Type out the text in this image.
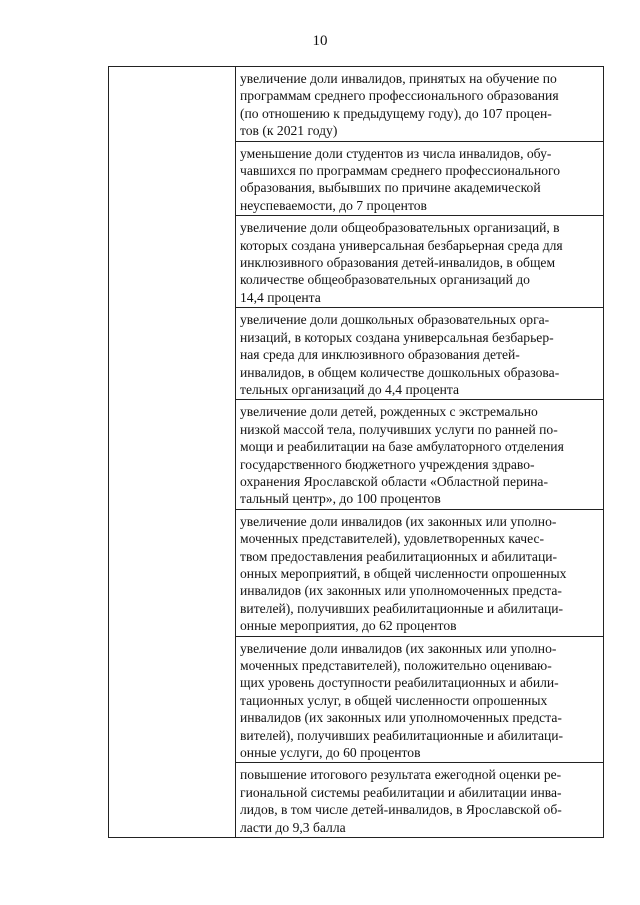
10

увеличение доли инвалидов, принятых на обучение по
программам среднего профессионального образования
(по отношению к предыдущему году), до 107 процен-
тов (к 2021 году)

уменьшение доли студентов из числа инвалидов, обу-
чавшихся по программам среднего профессионального
образования, выбывших по причине академической
неуспеваемости, до 7 процентов

увеличение доли общеобразовательных организаций, в
которых создана универсальная безбарьерная среда для
инклюзивного образования детей-инвалидов, в общем
количестве общеобразовательных организаций до
14,4 процента

увеличение доли дошкольных образовательных орга-
низаций, в которых создана универсальная безбарьер-
ная среда для инклюзивного образования детей-
инвалидов, в общем количестве дошкольных образова-
тельных организаций до 4,4 процента

увеличение доли детей, рожденных с экстремально
низкой массой тела, получивших услуги по ранней по-
мощи и реабилитации на базе амбулаторного отделения
государственного бюджетного учреждения здраво-
охранения Ярославской области «Областной перина-
тальный центр», до 100 процентов

увеличение доли инвалидов (их законных или уполно-
моченных представителей), удовлетворенных качес-
твом предоставления реабилитационных и абилитаци-
онных мероприятий, в общей численности опрошенных
инвалидов (их законных или уполномоченных предста-
вителей), получивших реабилитационные и абилитаци-
онные мероприятия, до 62 процентов

увеличение доли инвалидов (их законных или уполно-
моченных представителей), положительно оцениваю-
щих уровень доступности реабилитационных и абили-
тационных услуг, в общей численности опрошенных
инвалидов (их законных или уполномоченных предста-
вителей), получивших реабилитационные и абилитаци-
онные услуги, до 60 процентов

повышение итогового результата ежегодной оценки ре-
гиональной системы реабилитации и абилитации инва-
лидов, в том числе детей-инвалидов, в Ярославской об-
ласти до 9,3 балла
